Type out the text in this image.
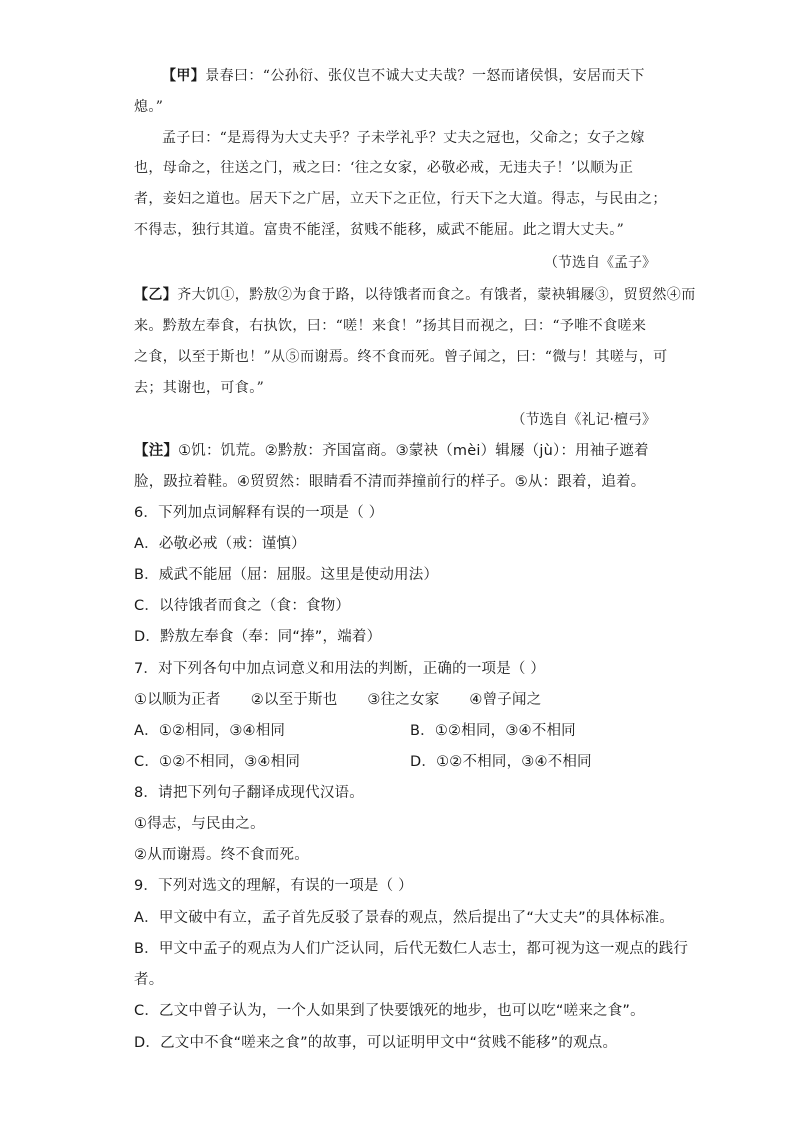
【甲】景春曰：“公孙衍、张仪岂不诚大丈夫哉？一怒而诸侯惧，安居而天下
熄。”
孟子曰：“是焉得为大丈夫乎？子未学礼乎？丈夫之冠也，父命之；女子之嫁
也，母命之，往送之门，戒之曰：‘往之女家，必敬必戒，无违夫子！’以顺为正
者，妾妇之道也。居天下之广居，立天下之正位，行天下之大道。得志，与民由之；
不得志，独行其道。富贵不能淫，贫贱不能移，威武不能屈。此之谓大丈夫。”
（节选自《孟子》
【乙】齐大饥①，黔敖②为食于路，以待饿者而食之。有饿者，蒙袂辑屦③，贸贸然④而
来。黔敖左奉食，右执饮，曰：“嗟！来食！”扬其目而视之，曰：“予唯不食嗟来
之食，以至于斯也！”从⑤而谢焉。终不食而死。曾子闻之，曰：“微与！其嗟与，可
去；其谢也，可食。”
（节选自《礼记·檀弓》
【注】①饥：饥荒。②黔敖：齐国富商。③蒙袂（mèi）辑屦（jù）：用袖子遮着
脸，趿拉着鞋。④贸贸然：眼睛看不清而莽撞前行的样子。⑤从：跟着，追着。
6．下列加点词解释有误的一项是（ ）
A．必敬必戒（戒：谨慎）
B．威武不能屈（屈：屈服。这里是使动用法）
C．以待饿者而食之（食：食物）
D．黔敖左奉食（奉：同“捧”，端着）
7．对下列各句中加点词意义和用法的判断，正确的一项是（ ）
①以顺为正者 ②以至于斯也 ③往之女家 ④曾子闻之
A．①②相同，③④相同	B．①②相同，③④不相同
C．①②不相同，③④相同	D．①②不相同，③④不相同
8．请把下列句子翻译成现代汉语。
①得志，与民由之。
②从而谢焉。终不食而死。
9．下列对选文的理解，有误的一项是（ ）
A．甲文破中有立，孟子首先反驳了景春的观点，然后提出了“大丈夫”的具体标准。
B．甲文中孟子的观点为人们广泛认同，后代无数仁人志士，都可视为这一观点的践行
者。
C．乙文中曾子认为，一个人如果到了快要饿死的地步，也可以吃“嗟来之食”。
D．乙文中不食“嗟来之食”的故事，可以证明甲文中“贫贱不能移”的观点。
